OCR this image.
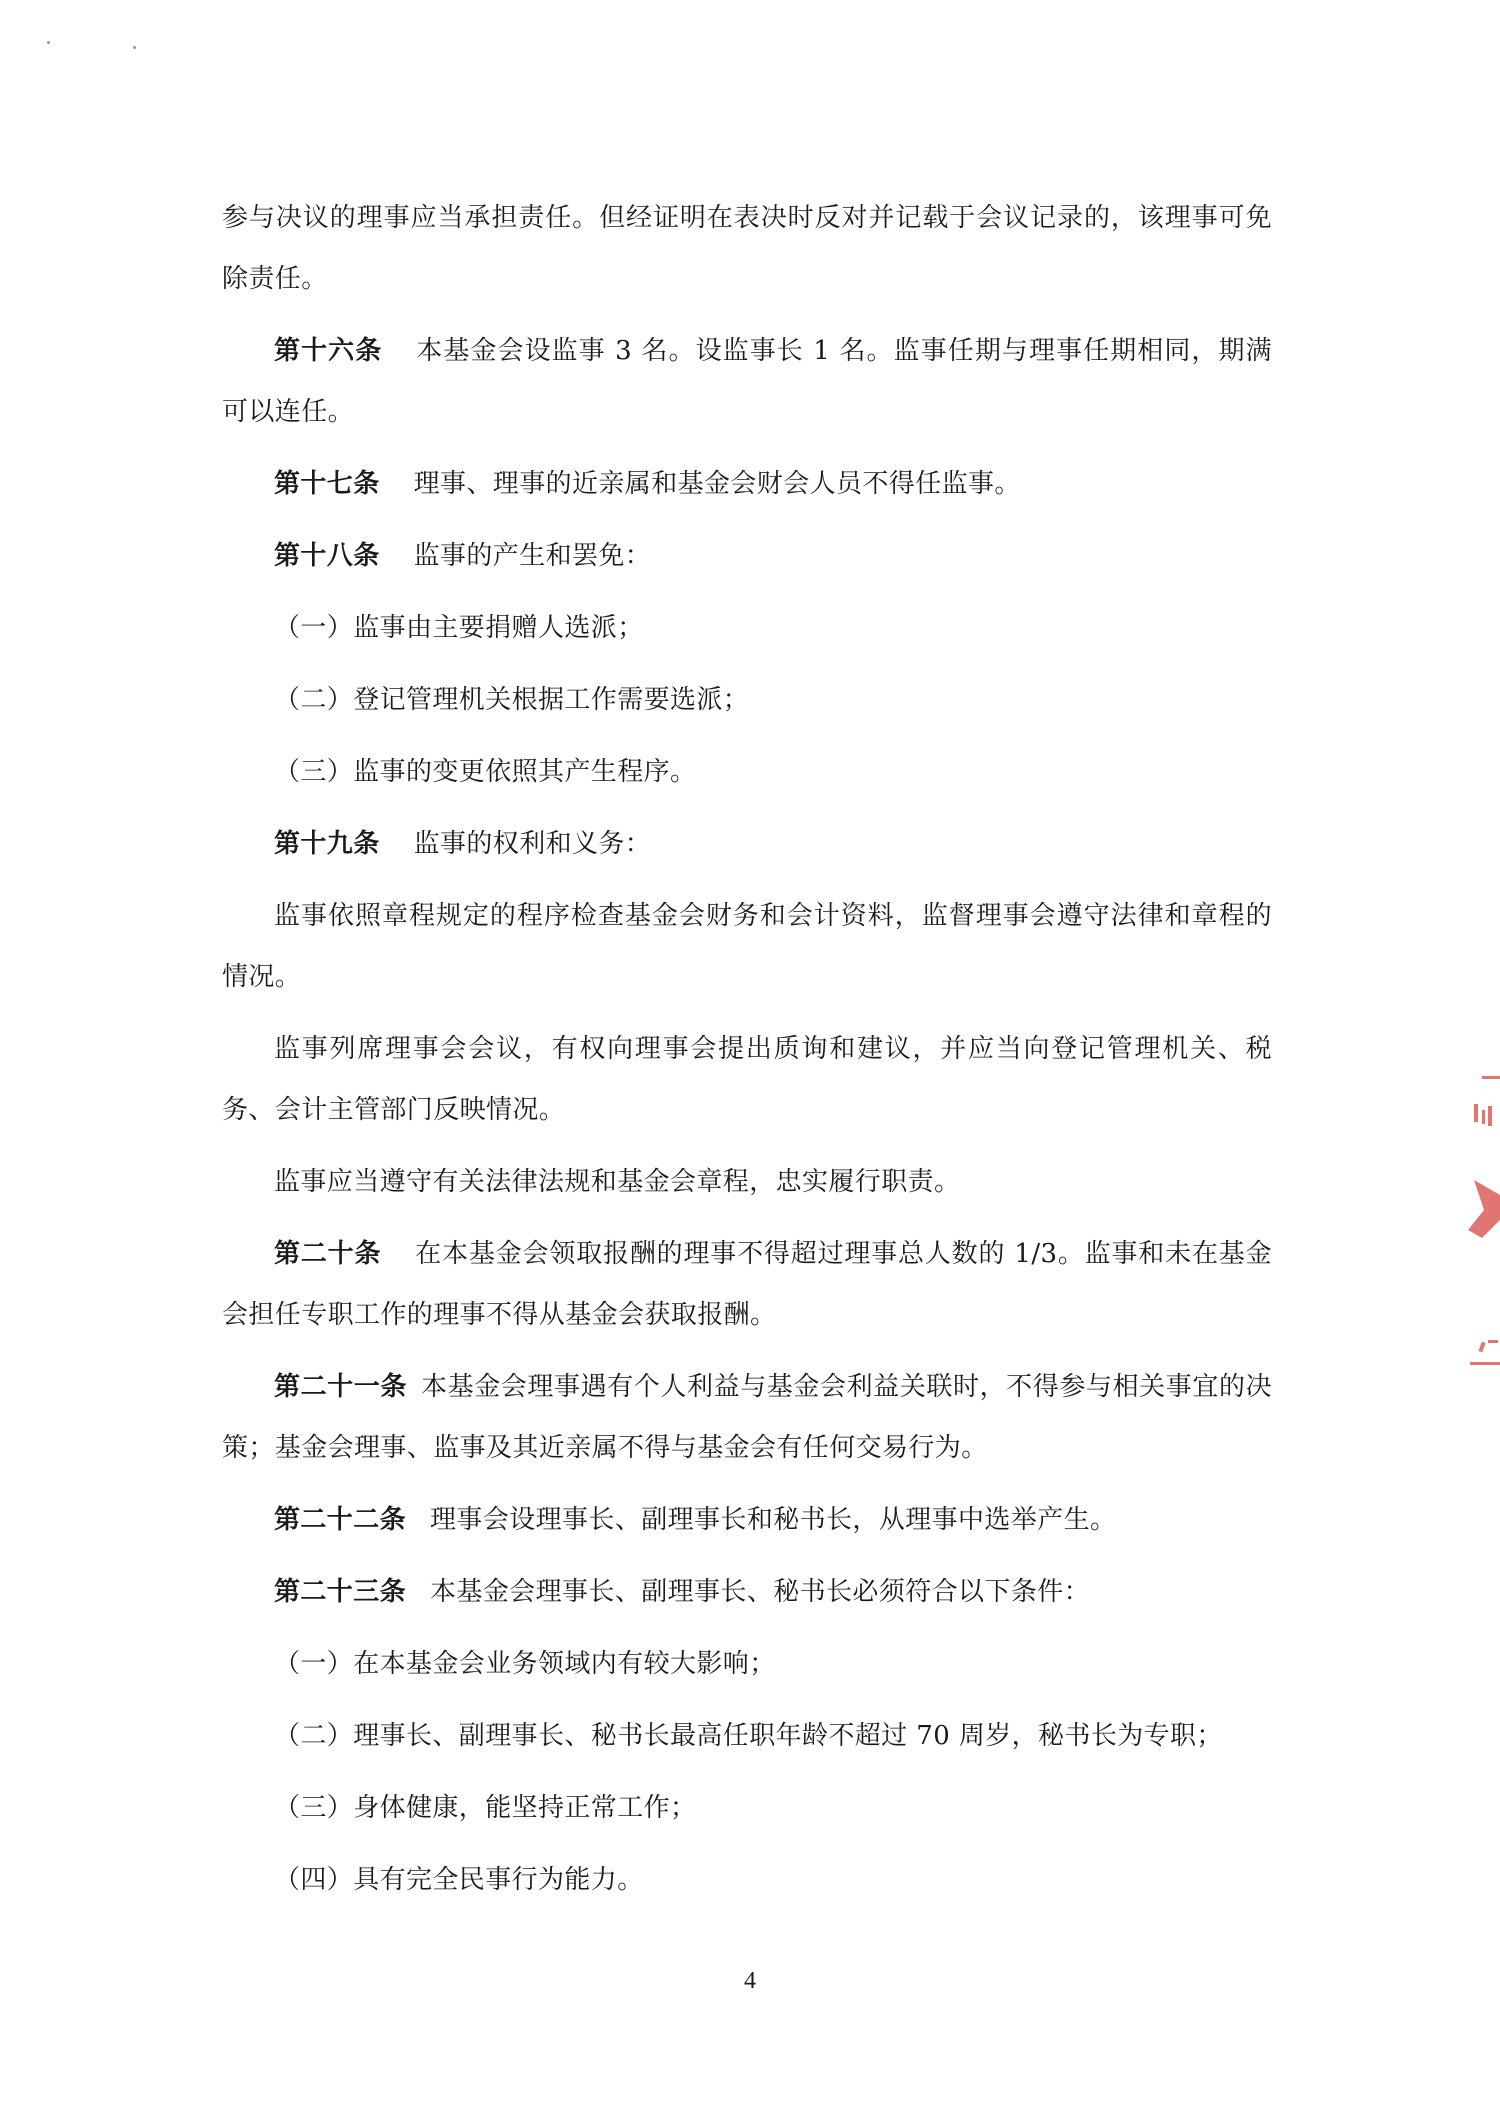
参与决议的理事应当承担责任。但经证明在表决时反对并记载于会议记录的，该理事可免除责任。

第十六条 本基金会设监事 3 名。设监事长 1 名。监事任期与理事任期相同，期满可以连任。

第十七条 理事、理事的近亲属和基金会财会人员不得任监事。

第十八条 监事的产生和罢免：

（一）监事由主要捐赠人选派；

（二）登记管理机关根据工作需要选派；

（三）监事的变更依照其产生程序。

第十九条 监事的权利和义务：

监事依照章程规定的程序检查基金会财务和会计资料，监督理事会遵守法律和章程的情况。

监事列席理事会会议，有权向理事会提出质询和建议，并应当向登记管理机关、税务、会计主管部门反映情况。

监事应当遵守有关法律法规和基金会章程，忠实履行职责。

第二十条 在本基金会领取报酬的理事不得超过理事总人数的 1/3。监事和未在基金会担任专职工作的理事不得从基金会获取报酬。

第二十一条 本基金会理事遇有个人利益与基金会利益关联时，不得参与相关事宜的决策；基金会理事、监事及其近亲属不得与基金会有任何交易行为。

第二十二条 理事会设理事长、副理事长和秘书长，从理事中选举产生。

第二十三条 本基金会理事长、副理事长、秘书长必须符合以下条件：

（一）在本基金会业务领域内有较大影响；

（二）理事长、副理事长、秘书长最高任职年龄不超过 70 周岁，秘书长为专职；

（三）身体健康，能坚持正常工作；

（四）具有完全民事行为能力。

4
